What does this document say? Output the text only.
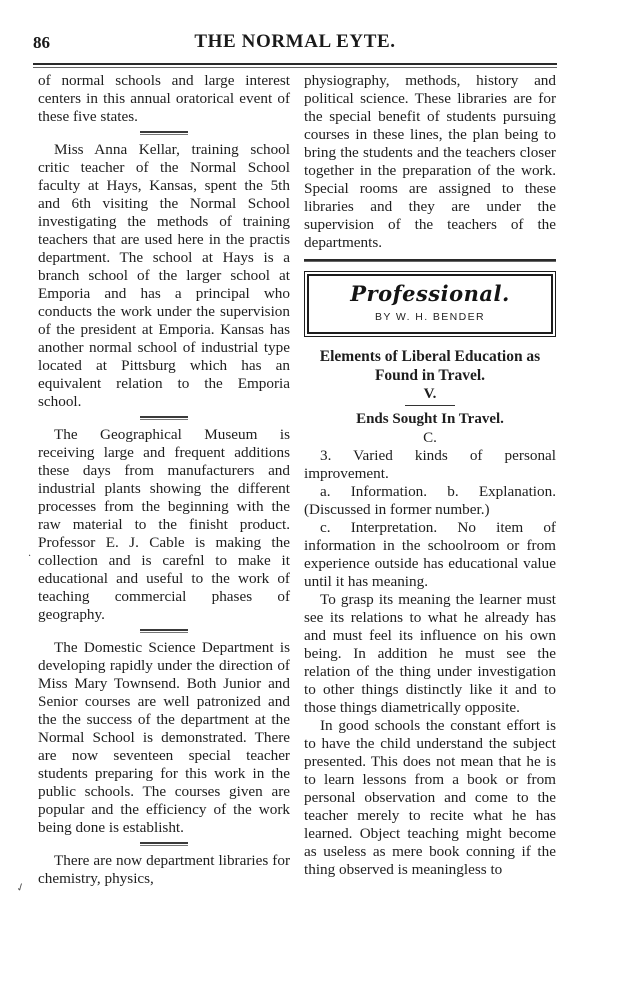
86	THE NORMAL EYTE.

of normal schools and large interest centers in this annual oratorical event of these five states.

Miss Anna Kellar, training school critic teacher of the Normal School faculty at Hays, Kansas, spent the 5th and 6th visiting the Normal School investigating the methods of training teachers that are used here in the practis department. The school at Hays is a branch school of the larger school at Emporia and has a principal who conducts the work under the supervision of the president at Emporia. Kansas has another normal school of industrial type located at Pittsburg which has an equivalent relation to the Emporia school.

The Geographical Museum is receiving large and frequent additions these days from manufacturers and industrial plants showing the different processes from the beginning with the raw material to the finisht product. Professor E. J. Cable is making the collection and is carefnl to make it educational and useful to the work of teaching commercial phases of geography.

The Domestic Science Department is developing rapidly under the direction of Miss Mary Townsend. Both Junior and Senior courses are well patronized and the the success of the department at the Normal School is demonstrated. There are now seventeen special teacher students preparing for this work in the public schools. The courses given are popular and the efficiency of the work being done is establisht.

There are now department libraries for chemistry, physics,

physiography, methods, history and political science. These libraries are for the special benefit of students pursuing courses in these lines, the plan being to bring the students and the teachers closer together in the preparation of the work. Special rooms are assigned to these libraries and they are under the supervision of the teachers of the departments.

Professional.
BY W. H. BENDER

Elements of Liberal Education as

Found in Travel.

V.

Ends Sought In Travel.

C.

3. Varied kinds of personal improvement.

a. Information. b. Explanation. (Discussed in former number.)

c. Interpretation. No item of information in the schoolroom or from experience outside has educational value until it has meaning.

To grasp its meaning the learner must see its relations to what he already has and must feel its influence on his own being. In addition he must see the relation of the thing under investigation to other things distinctly like it and to those things diametrically opposite.

In good schools the constant effort is to have the child understand the subject presented. This does not mean that he is to learn lessons from a book or from personal observation and come to the teacher merely to recite what he has learned. Object teaching might become as useless as mere book conning if the thing observed is meaningless to

·
✓
